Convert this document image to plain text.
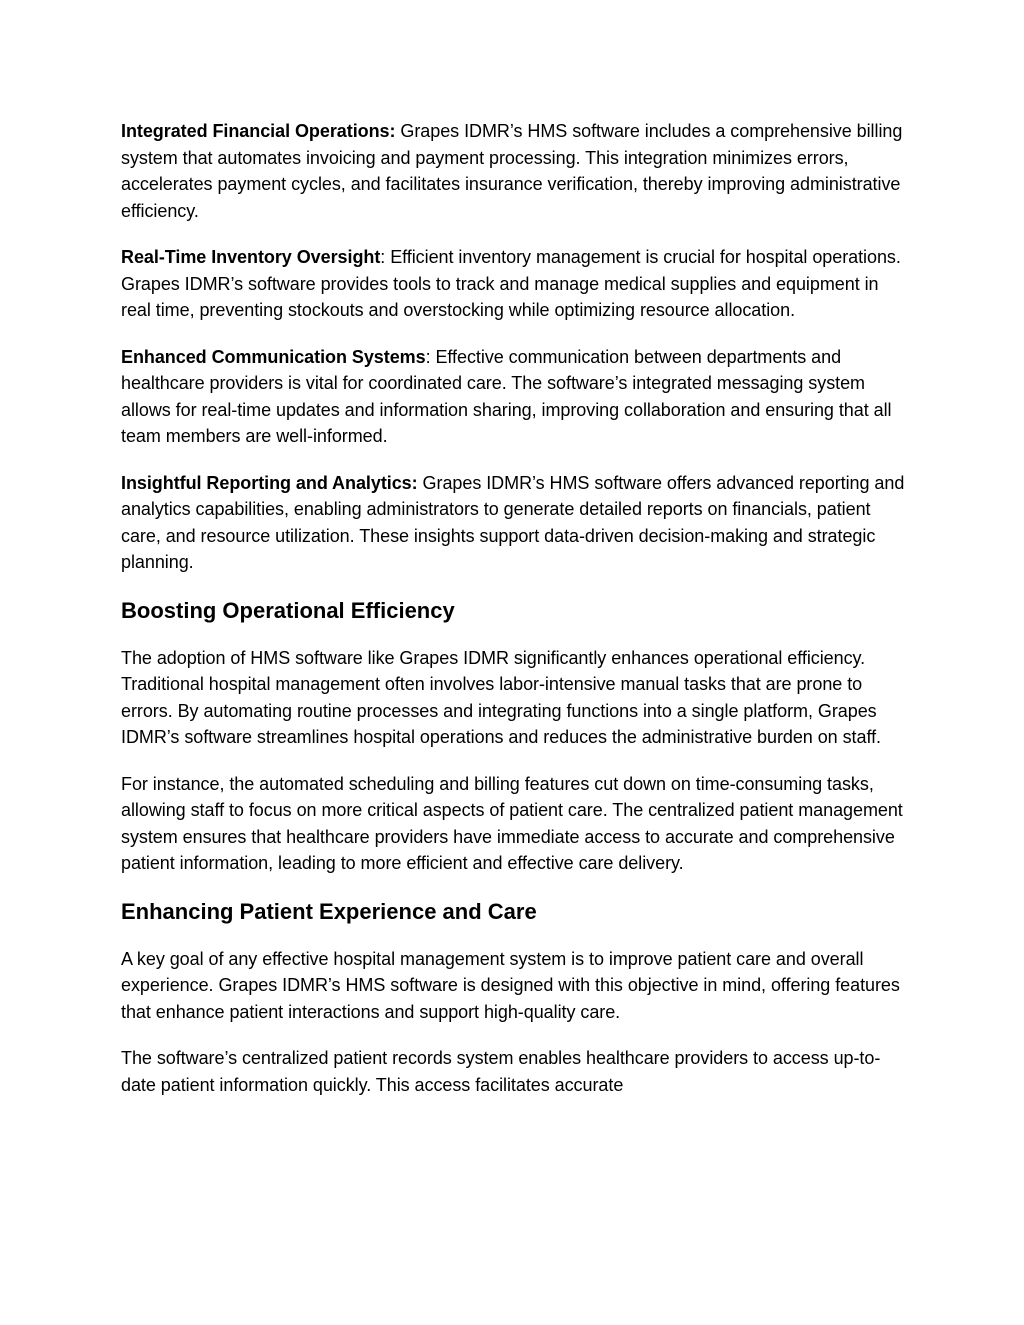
Integrated Financial Operations: Grapes IDMR’s HMS software includes a comprehensive billing system that automates invoicing and payment processing. This integration minimizes errors, accelerates payment cycles, and facilitates insurance verification, thereby improving administrative efficiency.

Real-Time Inventory Oversight: Efficient inventory management is crucial for hospital operations. Grapes IDMR’s software provides tools to track and manage medical supplies and equipment in real time, preventing stockouts and overstocking while optimizing resource allocation.

Enhanced Communication Systems: Effective communication between departments and healthcare providers is vital for coordinated care. The software’s integrated messaging system allows for real-time updates and information sharing, improving collaboration and ensuring that all team members are well-informed.

Insightful Reporting and Analytics: Grapes IDMR’s HMS software offers advanced reporting and analytics capabilities, enabling administrators to generate detailed reports on financials, patient care, and resource utilization. These insights support data-driven decision-making and strategic planning.

Boosting Operational Efficiency

The adoption of HMS software like Grapes IDMR significantly enhances operational efficiency. Traditional hospital management often involves labor-intensive manual tasks that are prone to errors. By automating routine processes and integrating functions into a single platform, Grapes IDMR’s software streamlines hospital operations and reduces the administrative burden on staff.

For instance, the automated scheduling and billing features cut down on time-consuming tasks, allowing staff to focus on more critical aspects of patient care. The centralized patient management system ensures that healthcare providers have immediate access to accurate and comprehensive patient information, leading to more efficient and effective care delivery.

Enhancing Patient Experience and Care

A key goal of any effective hospital management system is to improve patient care and overall experience. Grapes IDMR’s HMS software is designed with this objective in mind, offering features that enhance patient interactions and support high-quality care.

The software’s centralized patient records system enables healthcare providers to access up-to-date patient information quickly. This access facilitates accurate
